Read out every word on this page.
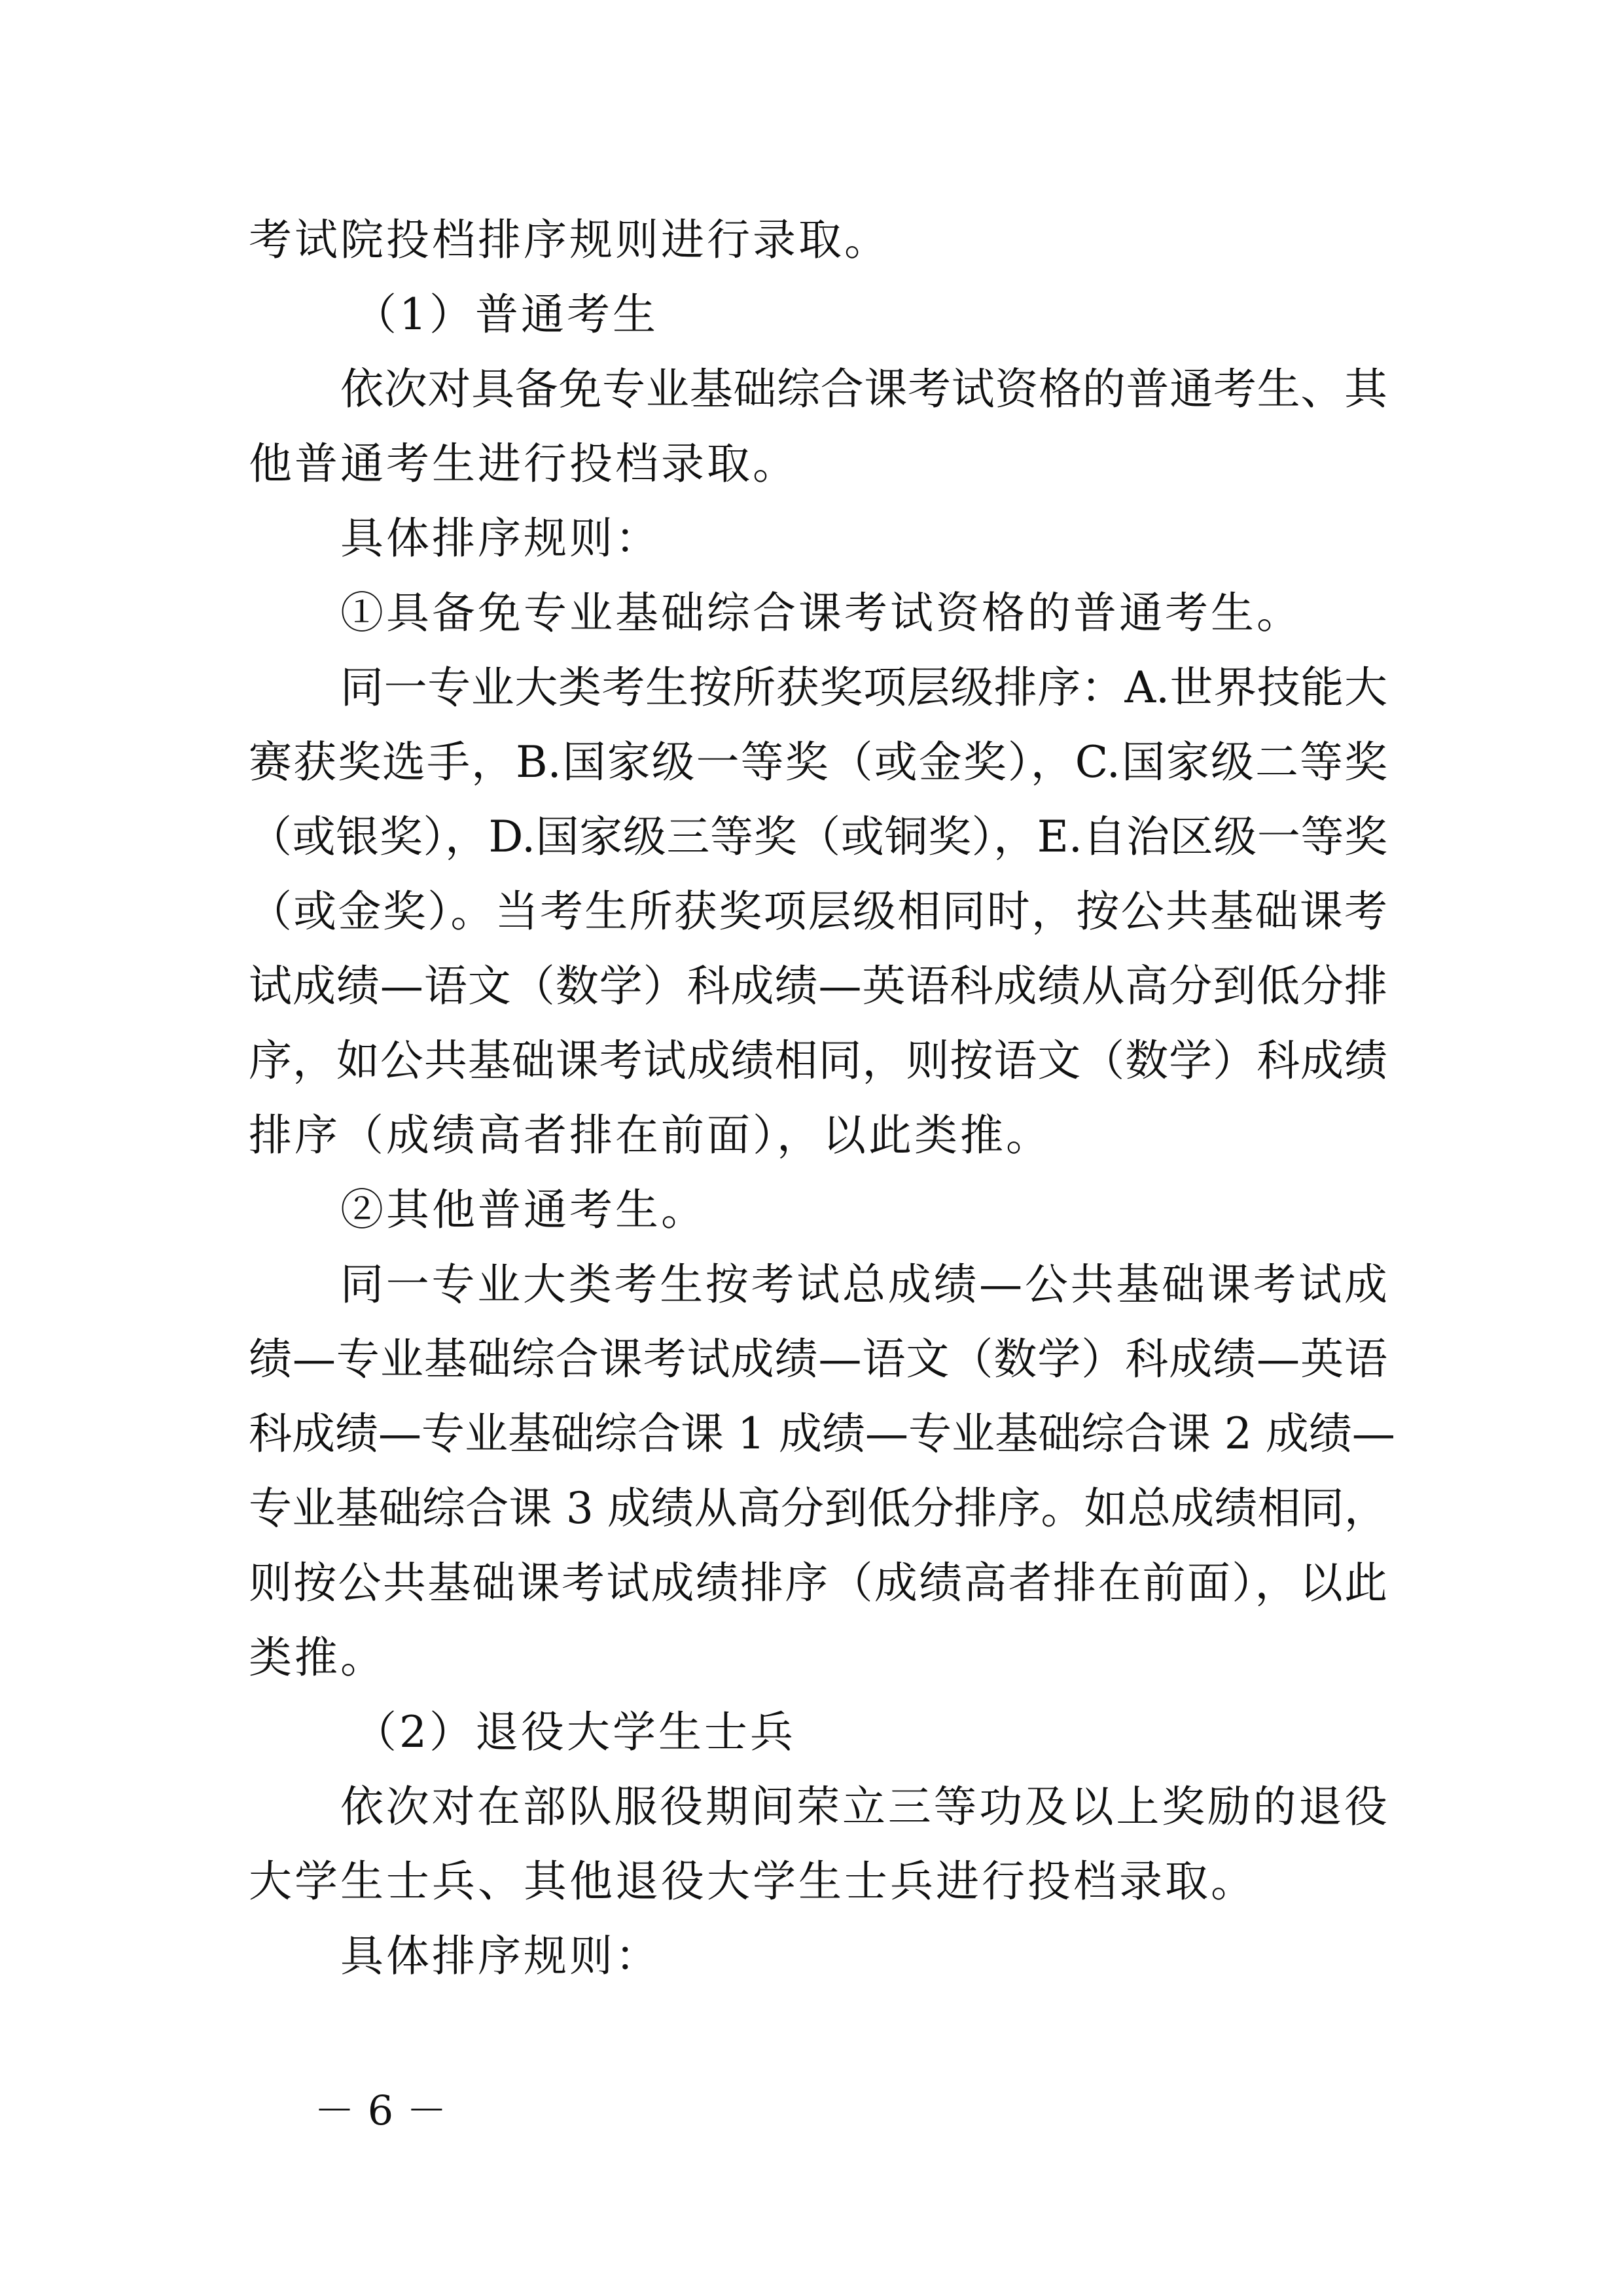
考试院投档排序规则进行录取。
（1）普通考生
依次对具备免专业基础综合课考试资格的普通考生、其
他普通考生进行投档录取。
具体排序规则：
①具备免专业基础综合课考试资格的普通考生。
同一专业大类考生按所获奖项层级排序：A.世界技能大
赛获奖选手，B.国家级一等奖（或金奖），C.国家级二等奖
（或银奖），D.国家级三等奖（或铜奖），E.自治区级一等奖
（或金奖）。当考生所获奖项层级相同时，按公共基础课考
试成绩—语文（数学）科成绩—英语科成绩从高分到低分排
序，如公共基础课考试成绩相同，则按语文（数学）科成绩
排序（成绩高者排在前面），以此类推。
②其他普通考生。
同一专业大类考生按考试总成绩—公共基础课考试成
绩—专业基础综合课考试成绩—语文（数学）科成绩—英语
科成绩—专业基础综合课 1 成绩—专业基础综合课 2 成绩—
专业基础综合课 3 成绩从高分到低分排序。如总成绩相同，
则按公共基础课考试成绩排序（成绩高者排在前面），以此
类推。
（2）退役大学生士兵
依次对在部队服役期间荣立三等功及以上奖励的退役
大学生士兵、其他退役大学生士兵进行投档录取。
具体排序规则：
－ 6 －
